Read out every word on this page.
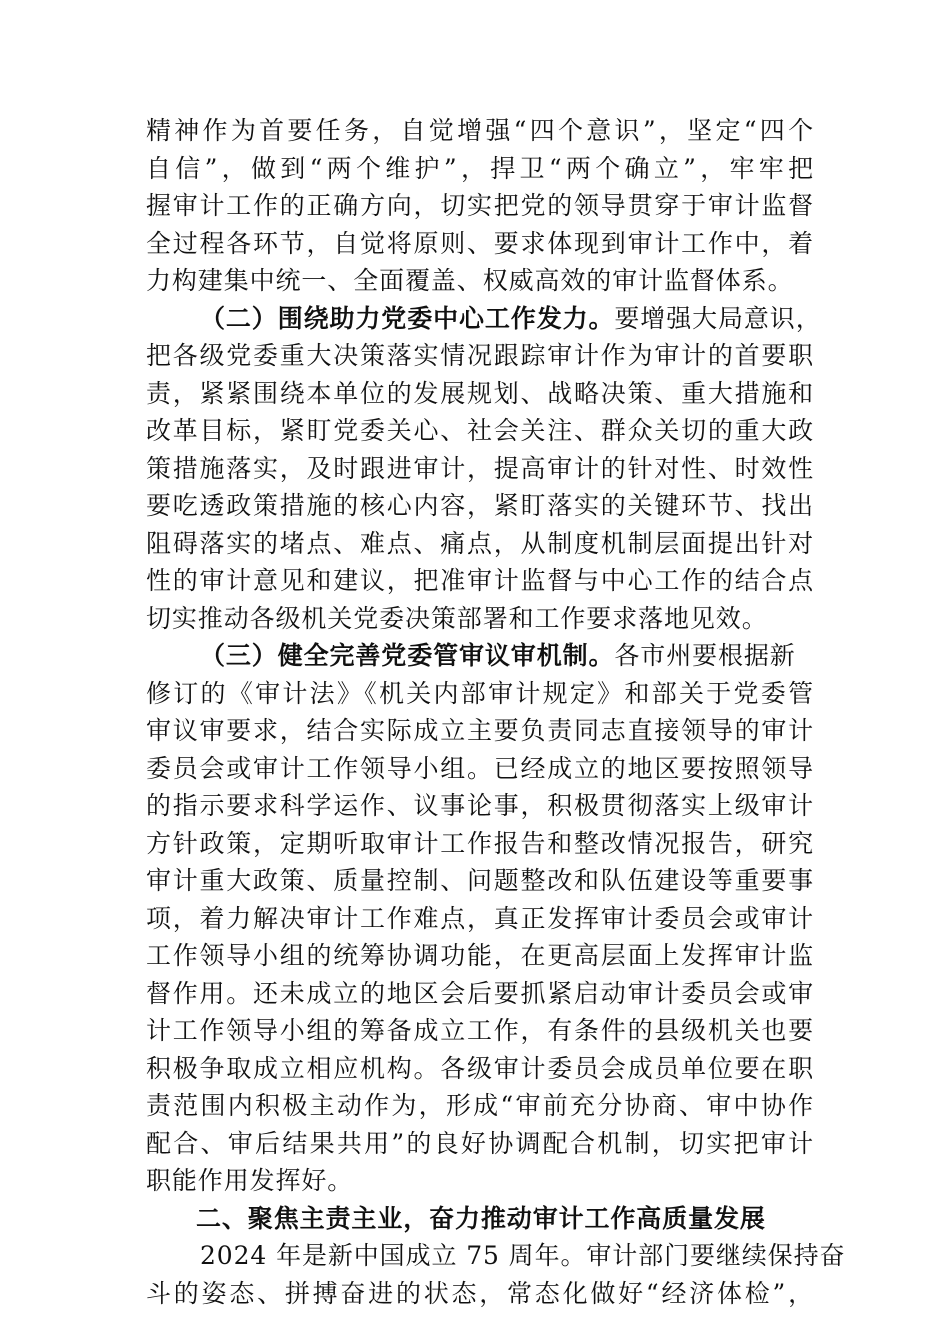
精神作为首要任务，自觉增强“四个意识”，坚定“四个
自信”，做到“两个维护”，捍卫“两个确立”，牢牢把
握审计工作的正确方向，切实把党的领导贯穿于审计监督
全过程各环节，自觉将原则、要求体现到审计工作中，着
力构建集中统一、全面覆盖、权威高效的审计监督体系。
（二）围绕助力党委中心工作发力。要增强大局意识，
把各级党委重大决策落实情况跟踪审计作为审计的首要职
责，紧紧围绕本单位的发展规划、战略决策、重大措施和
改革目标，紧盯党委关心、社会关注、群众关切的重大政
策措施落实，及时跟进审计，提高审计的针对性、时效性
要吃透政策措施的核心内容，紧盯落实的关键环节、找出
阻碍落实的堵点、难点、痛点，从制度机制层面提出针对
性的审计意见和建议，把准审计监督与中心工作的结合点
切实推动各级机关党委决策部署和工作要求落地见效。
（三）健全完善党委管审议审机制。各市州要根据新
修订的《审计法》《机关内部审计规定》和部关于党委管
审议审要求，结合实际成立主要负责同志直接领导的审计
委员会或审计工作领导小组。已经成立的地区要按照领导
的指示要求科学运作、议事论事，积极贯彻落实上级审计
方针政策，定期听取审计工作报告和整改情况报告，研究
审计重大政策、质量控制、问题整改和队伍建设等重要事
项，着力解决审计工作难点，真正发挥审计委员会或审计
工作领导小组的统筹协调功能，在更高层面上发挥审计监
督作用。还未成立的地区会后要抓紧启动审计委员会或审
计工作领导小组的筹备成立工作，有条件的县级机关也要
积极争取成立相应机构。各级审计委员会成员单位要在职
责范围内积极主动作为，形成“审前充分协商、审中协作
配合、审后结果共用”的良好协调配合机制，切实把审计
职能作用发挥好。
二、聚焦主责主业，奋力推动审计工作高质量发展
2024 年是新中国成立 75 周年。审计部门要继续保持奋
斗的姿态、拼搏奋进的状态，常态化做好“经济体检”，
